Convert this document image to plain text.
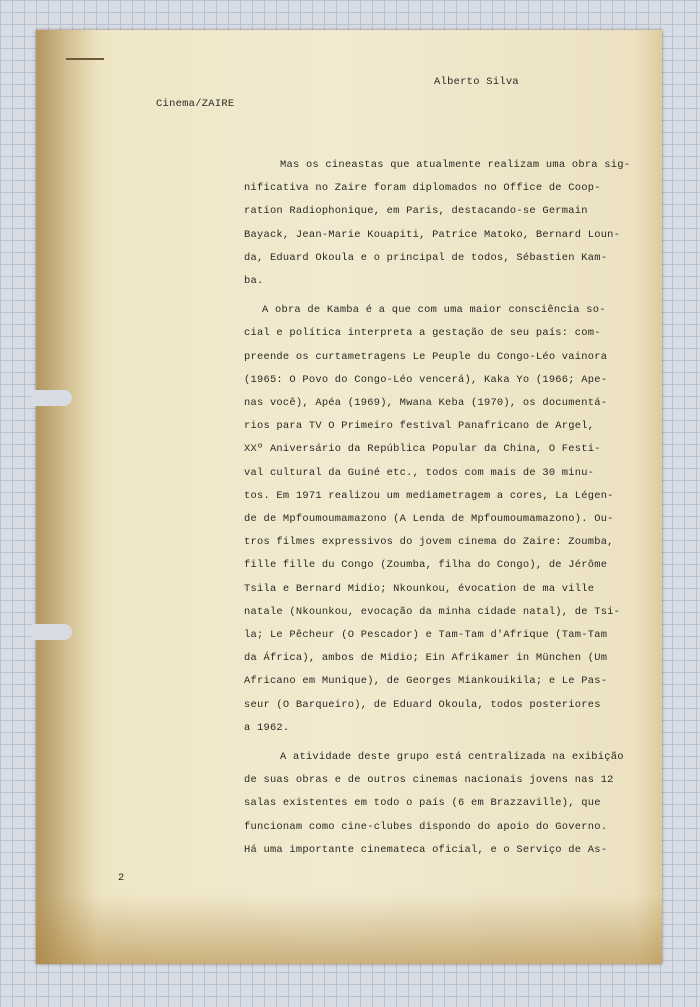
Alberto Silva
Cinema/ZAIRE
2
Mas os cineastas que atualmente realizam uma obra sig-
nificativa no Zaire foram diplomados no Office de Coop-
ration Radiophonique, em Paris, destacando-se Germain
Bayack, Jean-Marie Kouapiti, Patrice Matoko, Bernard Loun-
da, Eduard Okoula e o principal de todos, Sébastien Kam-
ba.
A obra de Kamba é a que com uma maior consciência so-
cial e política interpreta a gestação de seu país: com-
preende os curtametragens Le Peuple du Congo-Léo vainora
(1965: O Povo do Congo-Léo vencerá), Kaka Yo (1966; Ape-
nas você), Apéa (1969), Mwana Keba (1970), os documentá-
rios para TV O Primeiro festival Panafricano de Argel,
XXº Aniversário da República Popular da China, O Festi-
val cultural da Guiné etc., todos com mais de 30 minu-
tos. Em 1971 realizou um mediametragem a cores, La Légen-
de de Mpfoumoumamazono (A Lenda de Mpfoumoumamazono). Ou-
tros filmes expressivos do jovem cinema do Zaire: Zoumba,
fille fille du Congo (Zoumba, filha do Congo), de Jérôme
Tsila e Bernard Midio; Nkounkou, évocation de ma ville
natale (Nkounkou, evocação da minha cidade natal), de Tsi-
la; Le Pêcheur (O Pescador) e Tam-Tam d'Afrique (Tam-Tam
da África), ambos de Midio; Ein Afrikamer in München (Um
Africano em Munique), de Georges Miankouikila; e Le Pas-
seur (O Barqueiro), de Eduard Okoula, todos posteriores
a 1962.
A atividade deste grupo está centralizada na exibição
de suas obras e de outros cinemas nacionais jovens nas 12
salas existentes em todo o país (6 em Brazzaville), que
funcionam como cine-clubes dispondo do apoio do Governo.
Há uma importante cinemateca oficial, e o Serviço de As-
